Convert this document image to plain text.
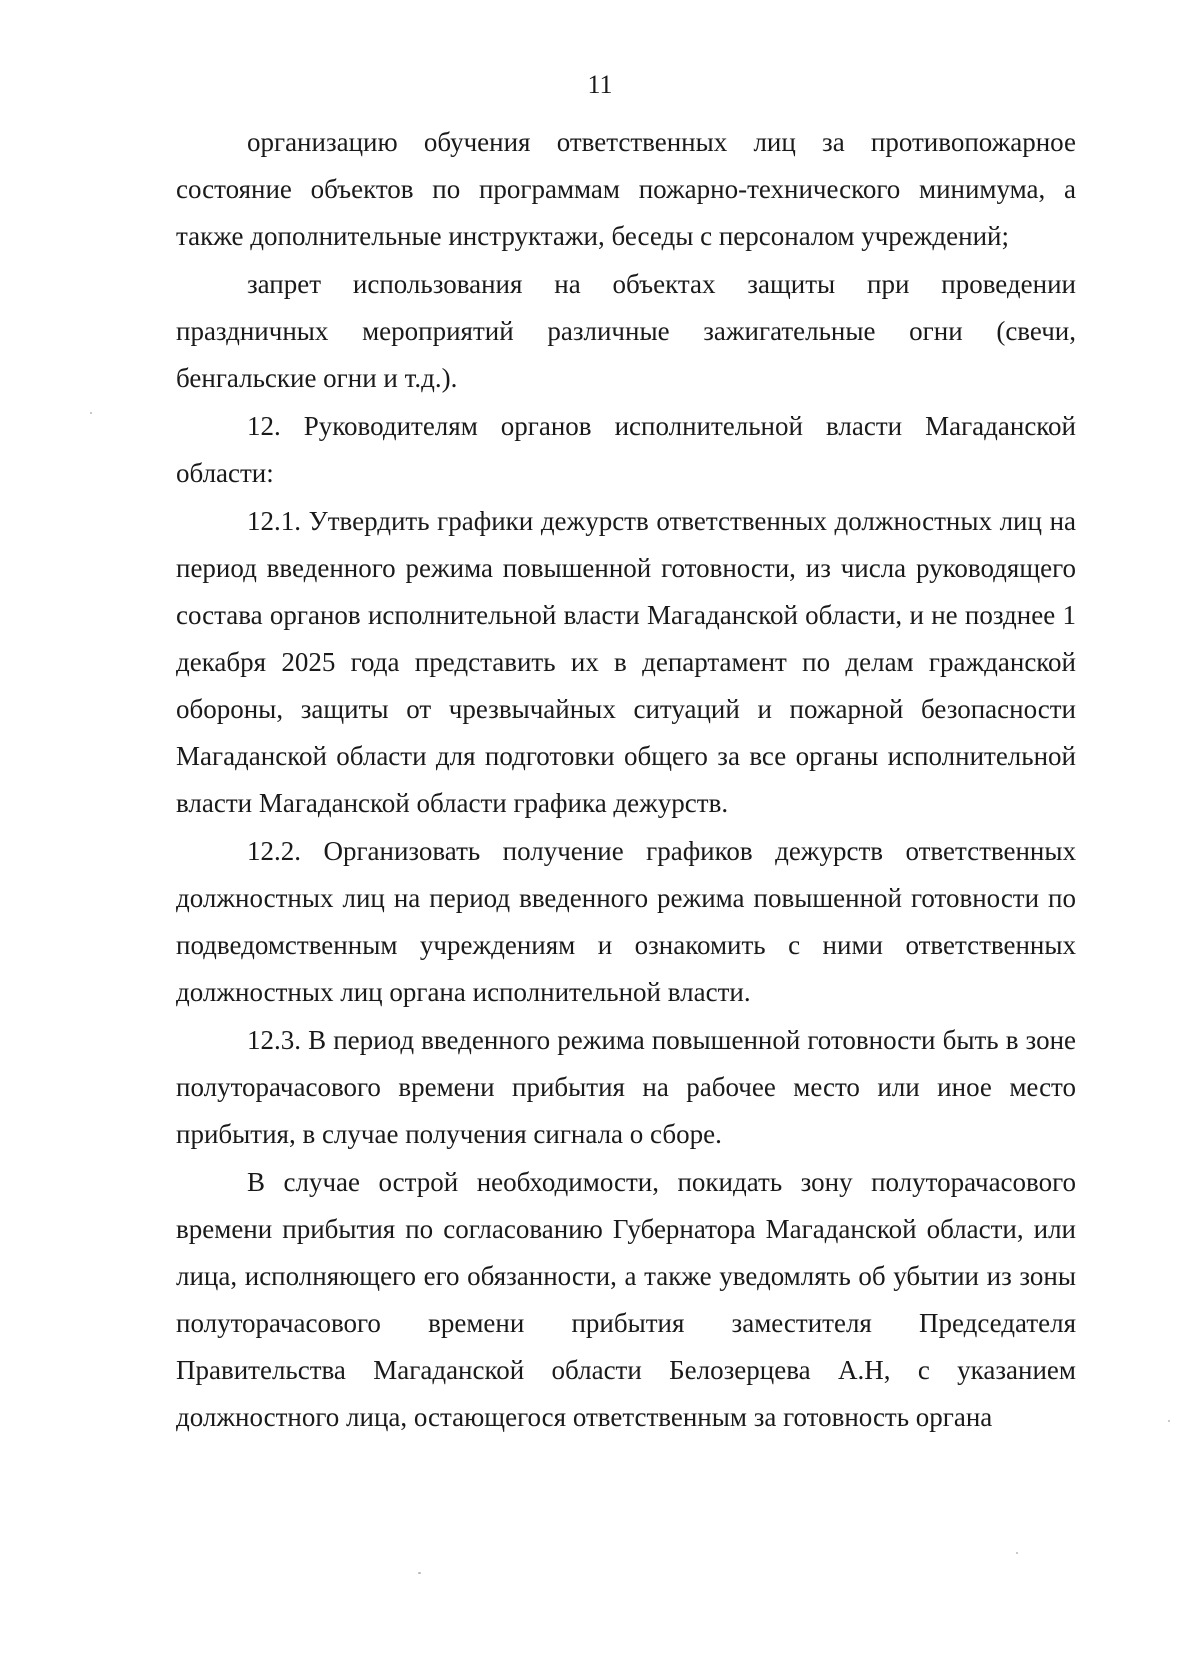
11

организацию обучения ответственных лиц за противопожарное состояние объектов по программам пожарно-технического минимума, а также дополнительные инструктажи, беседы с персоналом учреждений;

запрет использования на объектах защиты при проведении праздничных мероприятий различные зажигательные огни (свечи, бенгальские огни и т.д.).

12. Руководителям органов исполнительной власти Магаданской области:

12.1. Утвердить графики дежурств ответственных должностных лиц на период введенного режима повышенной готовности, из числа руководящего состава органов исполнительной власти Магаданской области, и не позднее 1 декабря 2025 года представить их в департамент по делам гражданской обороны, защиты от чрезвычайных ситуаций и пожарной безопасности Магаданской области для подготовки общего за все органы исполнительной власти Магаданской области графика дежурств.

12.2. Организовать получение графиков дежурств ответственных должностных лиц на период введенного режима повышенной готовности по подведомственным учреждениям и ознакомить с ними ответственных должностных лиц органа исполнительной власти.

12.3. В период введенного режима повышенной готовности быть в зоне полуторачасового времени прибытия на рабочее место или иное место прибытия, в случае получения сигнала о сборе.

В случае острой необходимости, покидать зону полуторачасового времени прибытия по согласованию Губернатора Магаданской области, или лица, исполняющего его обязанности, а также уведомлять об убытии из зоны полуторачасового времени прибытия заместителя Председателя Правительства Магаданской области Белозерцева А.Н, с указанием должностного лица, остающегося ответственным за готовность органа
